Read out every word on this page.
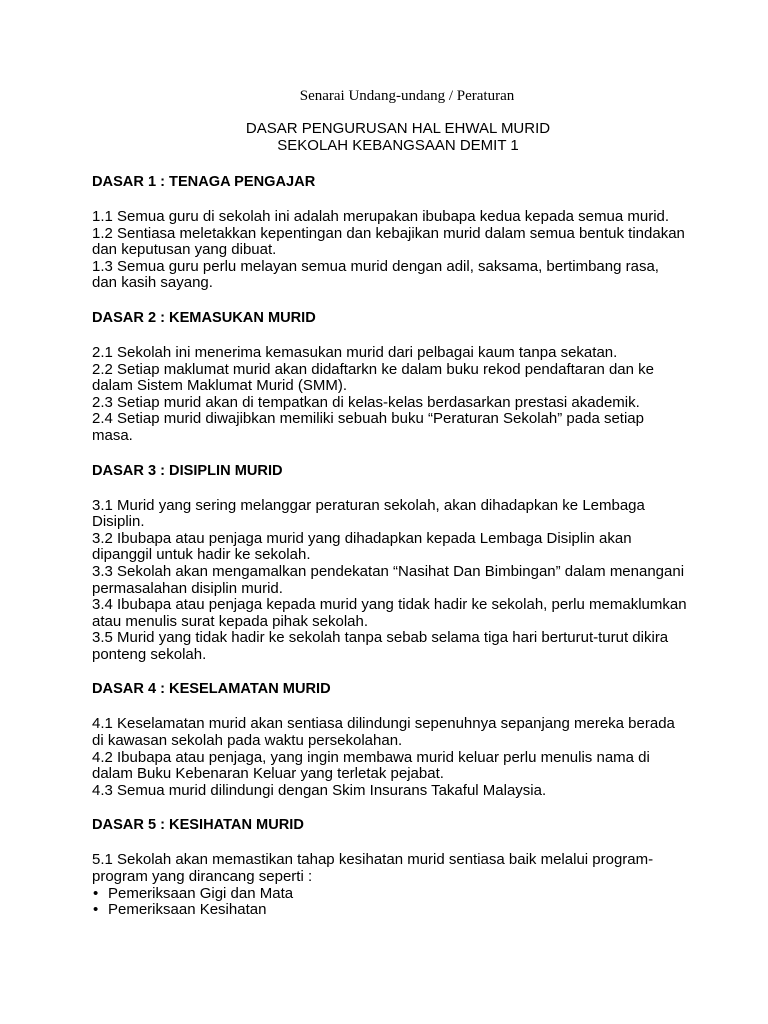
Senarai Undang-undang / Peraturan
DASAR PENGURUSAN HAL EHWAL MURID
SEKOLAH KEBANGSAAN DEMIT 1
DASAR 1 : TENAGA PENGAJAR
1.1 Semua guru di sekolah ini adalah merupakan ibubapa kedua kepada semua murid.
1.2 Sentiasa meletakkan kepentingan dan kebajikan murid dalam semua bentuk tindakan dan keputusan yang dibuat.
1.3 Semua guru perlu melayan semua murid dengan adil, saksama, bertimbang rasa, dan kasih sayang.
DASAR 2 : KEMASUKAN MURID
2.1 Sekolah ini menerima kemasukan murid dari pelbagai kaum tanpa sekatan.
2.2 Setiap maklumat murid akan didaftarkn ke dalam buku rekod pendaftaran dan ke dalam Sistem Maklumat Murid (SMM).
2.3 Setiap murid akan di tempatkan di kelas-kelas berdasarkan prestasi akademik.
2.4 Setiap murid diwajibkan memiliki sebuah buku “Peraturan Sekolah” pada setiap masa.
DASAR 3 : DISIPLIN MURID
3.1 Murid yang sering melanggar peraturan sekolah, akan dihadapkan ke Lembaga Disiplin.
3.2 Ibubapa atau penjaga murid yang dihadapkan kepada Lembaga Disiplin akan dipanggil untuk hadir ke sekolah.
3.3 Sekolah akan mengamalkan pendekatan “Nasihat Dan Bimbingan” dalam menangani permasalahan disiplin murid.
3.4 Ibubapa atau penjaga kepada murid yang tidak hadir ke sekolah, perlu memaklumkan atau menulis surat kepada pihak sekolah.
3.5 Murid yang tidak hadir ke sekolah tanpa sebab selama tiga hari berturut-turut dikira ponteng sekolah.
DASAR 4 : KESELAMATAN MURID
4.1 Keselamatan murid akan sentiasa dilindungi sepenuhnya sepanjang mereka berada di kawasan sekolah pada waktu persekolahan.
4.2 Ibubapa atau penjaga, yang ingin membawa murid keluar perlu menulis nama di dalam Buku Kebenaran Keluar yang terletak pejabat.
4.3 Semua murid dilindungi dengan Skim Insurans Takaful Malaysia.
DASAR 5 : KESIHATAN MURID
5.1 Sekolah akan memastikan tahap kesihatan murid sentiasa baik melalui program-program yang dirancang seperti :
• Pemeriksaan Gigi dan Mata
• Pemeriksaan Kesihatan
